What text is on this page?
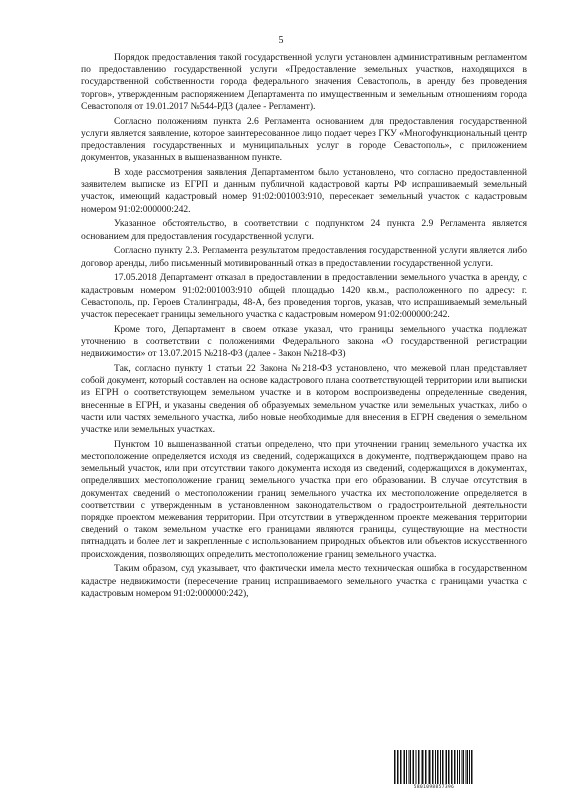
5

Порядок предоставления такой государственной услуги установлен административным регламентом по предоставлению государственной услуги «Предоставление земельных участков, находящихся в государственной собственности города федерального значения Севастополь, в аренду без проведения торгов», утвержденным распоряжением Департамента по имущественным и земельным отношениям города Севастополя от 19.01.2017 №544-РДЗ (далее - Регламент).

Согласно положениям пункта 2.6 Регламента основанием для предоставления государственной услуги является заявление, которое заинтересованное лицо подает через ГКУ «Многофункциональный центр предоставления государственных и муниципальных услуг в городе Севастополь», с приложением документов, указанных в вышеназванном пункте.

В ходе рассмотрения заявления Департаментом было установлено, что согласно предоставленной заявителем выписке из ЕГРП и данным публичной кадастровой карты РФ испрашиваемый земельный участок, имеющий кадастровый номер 91:02:001003:910, пересекает земельный участок с кадастровым номером 91:02:000000:242.

Указанное обстоятельство, в соответствии с подпунктом 24 пункта 2.9 Регламента является основанием для предоставления государственной услуги.

Согласно пункту 2.3. Регламента результатом предоставления государственной услуги является либо договор аренды, либо письменный мотивированный отказ в предоставлении государственной услуги.

17.05.2018 Департамент отказал в предоставлении в предоставлении земельного участка в аренду, с кадастровым номером 91:02:001003:910 общей площадью 1420 кв.м., расположенного по адресу: г. Севастополь, пр. Героев Сталинграды, 48-А, без проведения торгов, указав, что испрашиваемый земельный участок пересекает границы земельного участка с кадастровым номером 91:02:000000:242.

Кроме того, Департамент в своем отказе указал, что границы земельного участка подлежат уточнению в соответствии с положениями Федерального закона «О государственной регистрации недвижимости» от 13.07.2015 №218-ФЗ (далее - Закон №218-ФЗ)

Так, согласно пункту 1 статьи 22 Закона №218-ФЗ установлено, что межевой план представляет собой документ, который составлен на основе кадастрового плана соответствующей территории или выписки из ЕГРН о соответствующем земельном участке и в котором воспроизведены определенные сведения, внесенные в ЕГРН, и указаны сведения об образуемых земельном участке или земельных участках, либо о части или частях земельного участка, либо новые необходимые для внесения в ЕГРН сведения о земельном участке или земельных участках.

Пунктом 10 вышеназванной статьи определено, что при уточнении границ земельного участка их местоположение определяется исходя из сведений, содержащихся в документе, подтверждающем право на земельный участок, или при отсутствии такого документа исходя из сведений, содержащихся в документах, определявших местоположение границ земельного участка при его образовании. В случае отсутствия в документах сведений о местоположении границ земельного участка их местоположение определяется в соответствии с утвержденным в установленном законодательством о градостроительной деятельности порядке проектом межевания территории. При отсутствии в утвержденном проекте межевания территории сведений о таком земельном участке его границами являются границы, существующие на местности пятнадцать и более лет и закрепленные с использованием природных объектов или объектов искусственного происхождения, позволяющих определить местоположение границ земельного участка.

Таким образом, суд указывает, что фактически имела место техническая ошибка в государственном кадастре недвижимости (пересечение границ испрашиваемого земельного участка с границами участка с кадастровым номером 91:02:000000:242),

5801098857396
